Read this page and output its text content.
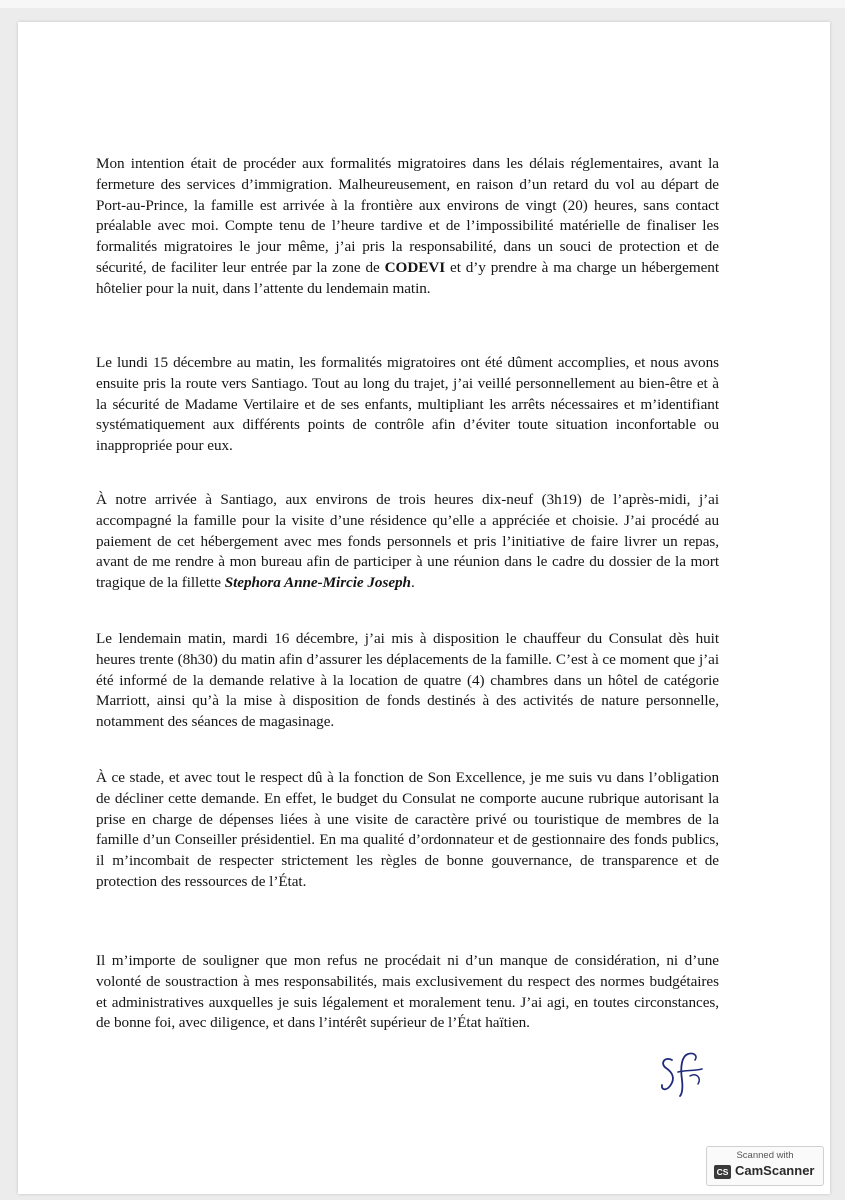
Mon intention était de procéder aux formalités migratoires dans les délais réglementaires, avant la fermeture des services d’immigration. Malheureusement, en raison d’un retard du vol au départ de Port-au-Prince, la famille est arrivée à la frontière aux environs de vingt (20) heures, sans contact préalable avec moi. Compte tenu de l’heure tardive et de l’impossibilité matérielle de finaliser les formalités migratoires le jour même, j’ai pris la responsabilité, dans un souci de protection et de sécurité, de faciliter leur entrée par la zone de CODEVI et d’y prendre à ma charge un hébergement hôtelier pour la nuit, dans l’attente du lendemain matin.

Le lundi 15 décembre au matin, les formalités migratoires ont été dûment accomplies, et nous avons ensuite pris la route vers Santiago. Tout au long du trajet, j’ai veillé personnellement au bien-être et à la sécurité de Madame Vertilaire et de ses enfants, multipliant les arrêts nécessaires et m’identifiant systématiquement aux différents points de contrôle afin d’éviter toute situation inconfortable ou inappropriée pour eux.

À notre arrivée à Santiago, aux environs de trois heures dix-neuf (3h19) de l’après-midi, j’ai accompagné la famille pour la visite d’une résidence qu’elle a appréciée et choisie. J’ai procédé au paiement de cet hébergement avec mes fonds personnels et pris l’initiative de faire livrer un repas, avant de me rendre à mon bureau afin de participer à une réunion dans le cadre du dossier de la mort tragique de la fillette Stephora Anne-Mircie Joseph.

Le lendemain matin, mardi 16 décembre, j’ai mis à disposition le chauffeur du Consulat dès huit heures trente (8h30) du matin afin d’assurer les déplacements de la famille. C’est à ce moment que j’ai été informé de la demande relative à la location de quatre (4) chambres dans un hôtel de catégorie Marriott, ainsi qu’à la mise à disposition de fonds destinés à des activités de nature personnelle, notamment des séances de magasinage.

À ce stade, et avec tout le respect dû à la fonction de Son Excellence, je me suis vu dans l’obligation de décliner cette demande. En effet, le budget du Consulat ne comporte aucune rubrique autorisant la prise en charge de dépenses liées à une visite de caractère privé ou touristique de membres de la famille d’un Conseiller présidentiel. En ma qualité d’ordonnateur et de gestionnaire des fonds publics, il m’incombait de respecter strictement les règles de bonne gouvernance, de transparence et de protection des ressources de l’État.

Il m’importe de souligner que mon refus ne procédait ni d’un manque de considération, ni d’une volonté de soustraction à mes responsabilités, mais exclusivement du respect des normes budgétaires et administratives auxquelles je suis légalement et moralement tenu. J’ai agi, en toutes circonstances, de bonne foi, avec diligence, et dans l’intérêt supérieur de l’État haïtien.

Scanned with
CS CamScanner
